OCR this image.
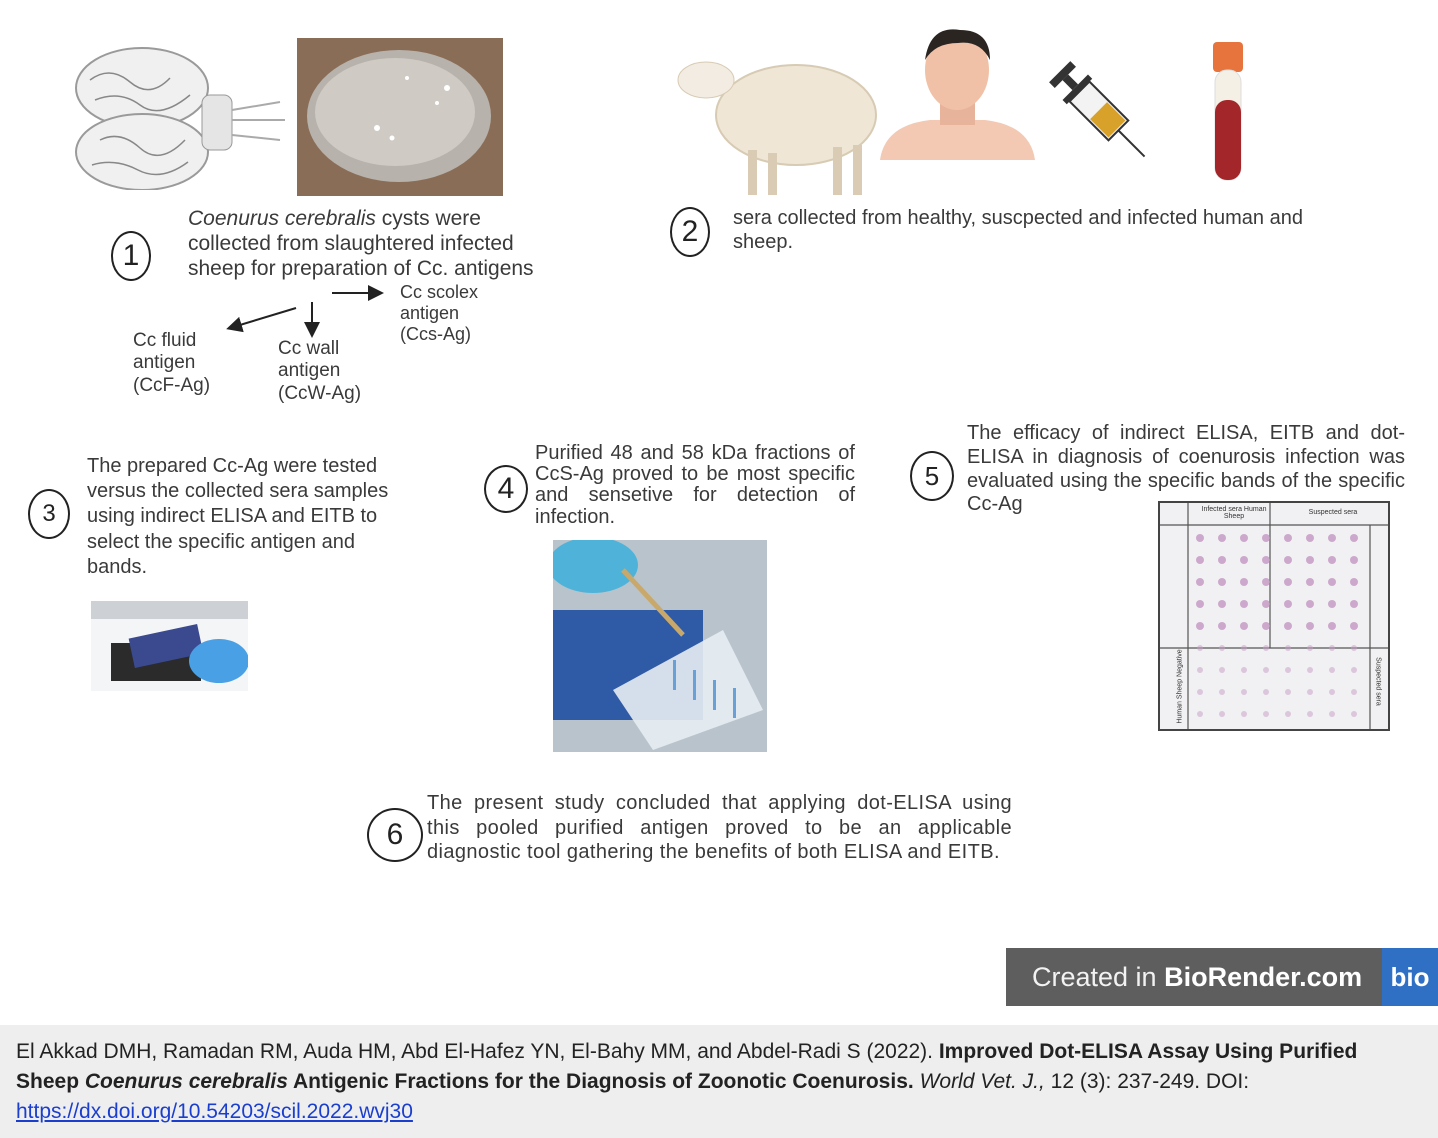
1
Coenurus cerebralis cysts were collected from slaughtered infected sheep for preparation of Cc. antigens
Cc scolex antigen (Ccs-Ag)
Cc fluid antigen (CcF-Ag)
Cc wall antigen (CcW-Ag)
2	sera collected from healthy, suscpected and infected human and sheep.
3
The prepared Cc-Ag were tested versus the collected sera samples using indirect ELISA and EITB to select the specific antigen and bands.
4
Purified 48 and 58 kDa fractions of CcS-Ag proved to be most specific and sensetive for detection of infection.
5
The efficacy of indirect ELISA, EITB and dot-ELISA in diagnosis of coenurosis infection was evaluated using the specific bands of the specific Cc-Ag	Infected sera Human Sheep
Suspected sera
Human Sheep Negative	Suspected sera
6
The present study concluded that applying dot-ELISA using this pooled purified antigen proved to be an applicable diagnostic tool gathering the benefits of both ELISA and EITB.
Created in BioRender.com	bio

El Akkad DMH, Ramadan RM, Auda HM, Abd El-Hafez YN, El-Bahy MM, and Abdel-Radi S (2022). Improved Dot-ELISA Assay Using Purified Sheep Coenurus cerebralis Antigenic Fractions for the Diagnosis of Zoonotic Coenurosis. World Vet. J., 12 (3): 237-249. DOI:
https://dx.doi.org/10.54203/scil.2022.wvj30
